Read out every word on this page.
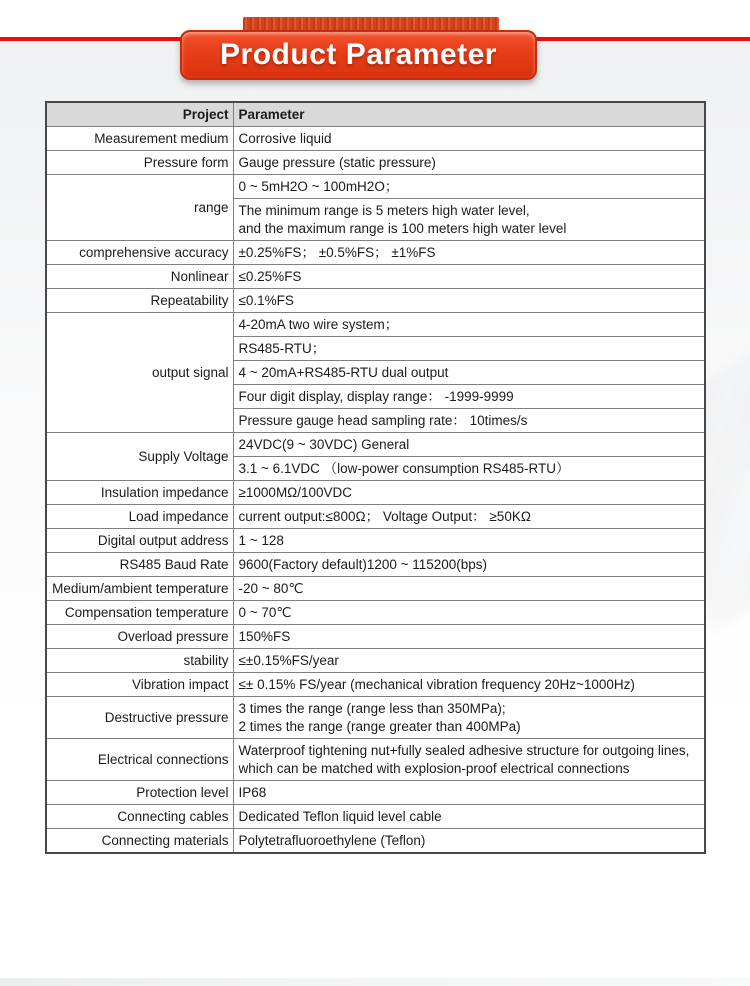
Product Parameter
Project	Parameter
Measurement medium	Corrosive liquid
Pressure form	Gauge pressure (static pressure)
range	0 ~ 5mH2O ~ 100mH2O；
	The minimum range is 5 meters high water level,
and the maximum range is 100 meters high water level
comprehensive accuracy	±0.25%FS； ±0.5%FS； ±1%FS
Nonlinear	≤0.25%FS
Repeatability	≤0.1%FS
output signal	4-20mA two wire system；
	RS485-RTU；
	4 ~ 20mA+RS485-RTU dual output
	Four digit display, display range： -1999-9999
	Pressure gauge head sampling rate： 10times/s
Supply Voltage	24VDC(9 ~ 30VDC) General
	3.1 ~ 6.1VDC （low-power consumption RS485-RTU）
Insulation impedance	≥1000MΩ/100VDC
Load impedance	current output:≤800Ω； Voltage Output： ≥50KΩ
Digital output address	1 ~ 128
RS485 Baud Rate	9600(Factory default)1200 ~ 115200(bps)
Medium/ambient temperature	-20 ~ 80℃
Compensation temperature	0 ~ 70℃
Overload pressure	150%FS
stability	≤±0.15%FS/year
Vibration impact	≤± 0.15% FS/year (mechanical vibration frequency 20Hz~1000Hz)
Destructive pressure	3 times the range (range less than 350MPa);
2 times the range (range greater than 400MPa)
Electrical connections	Waterproof tightening nut+fully sealed adhesive structure for outgoing lines,
which can be matched with explosion-proof electrical connections
Protection level	IP68
Connecting cables	Dedicated Teflon liquid level cable
Connecting materials	Polytetrafluoroethylene (Teflon)
